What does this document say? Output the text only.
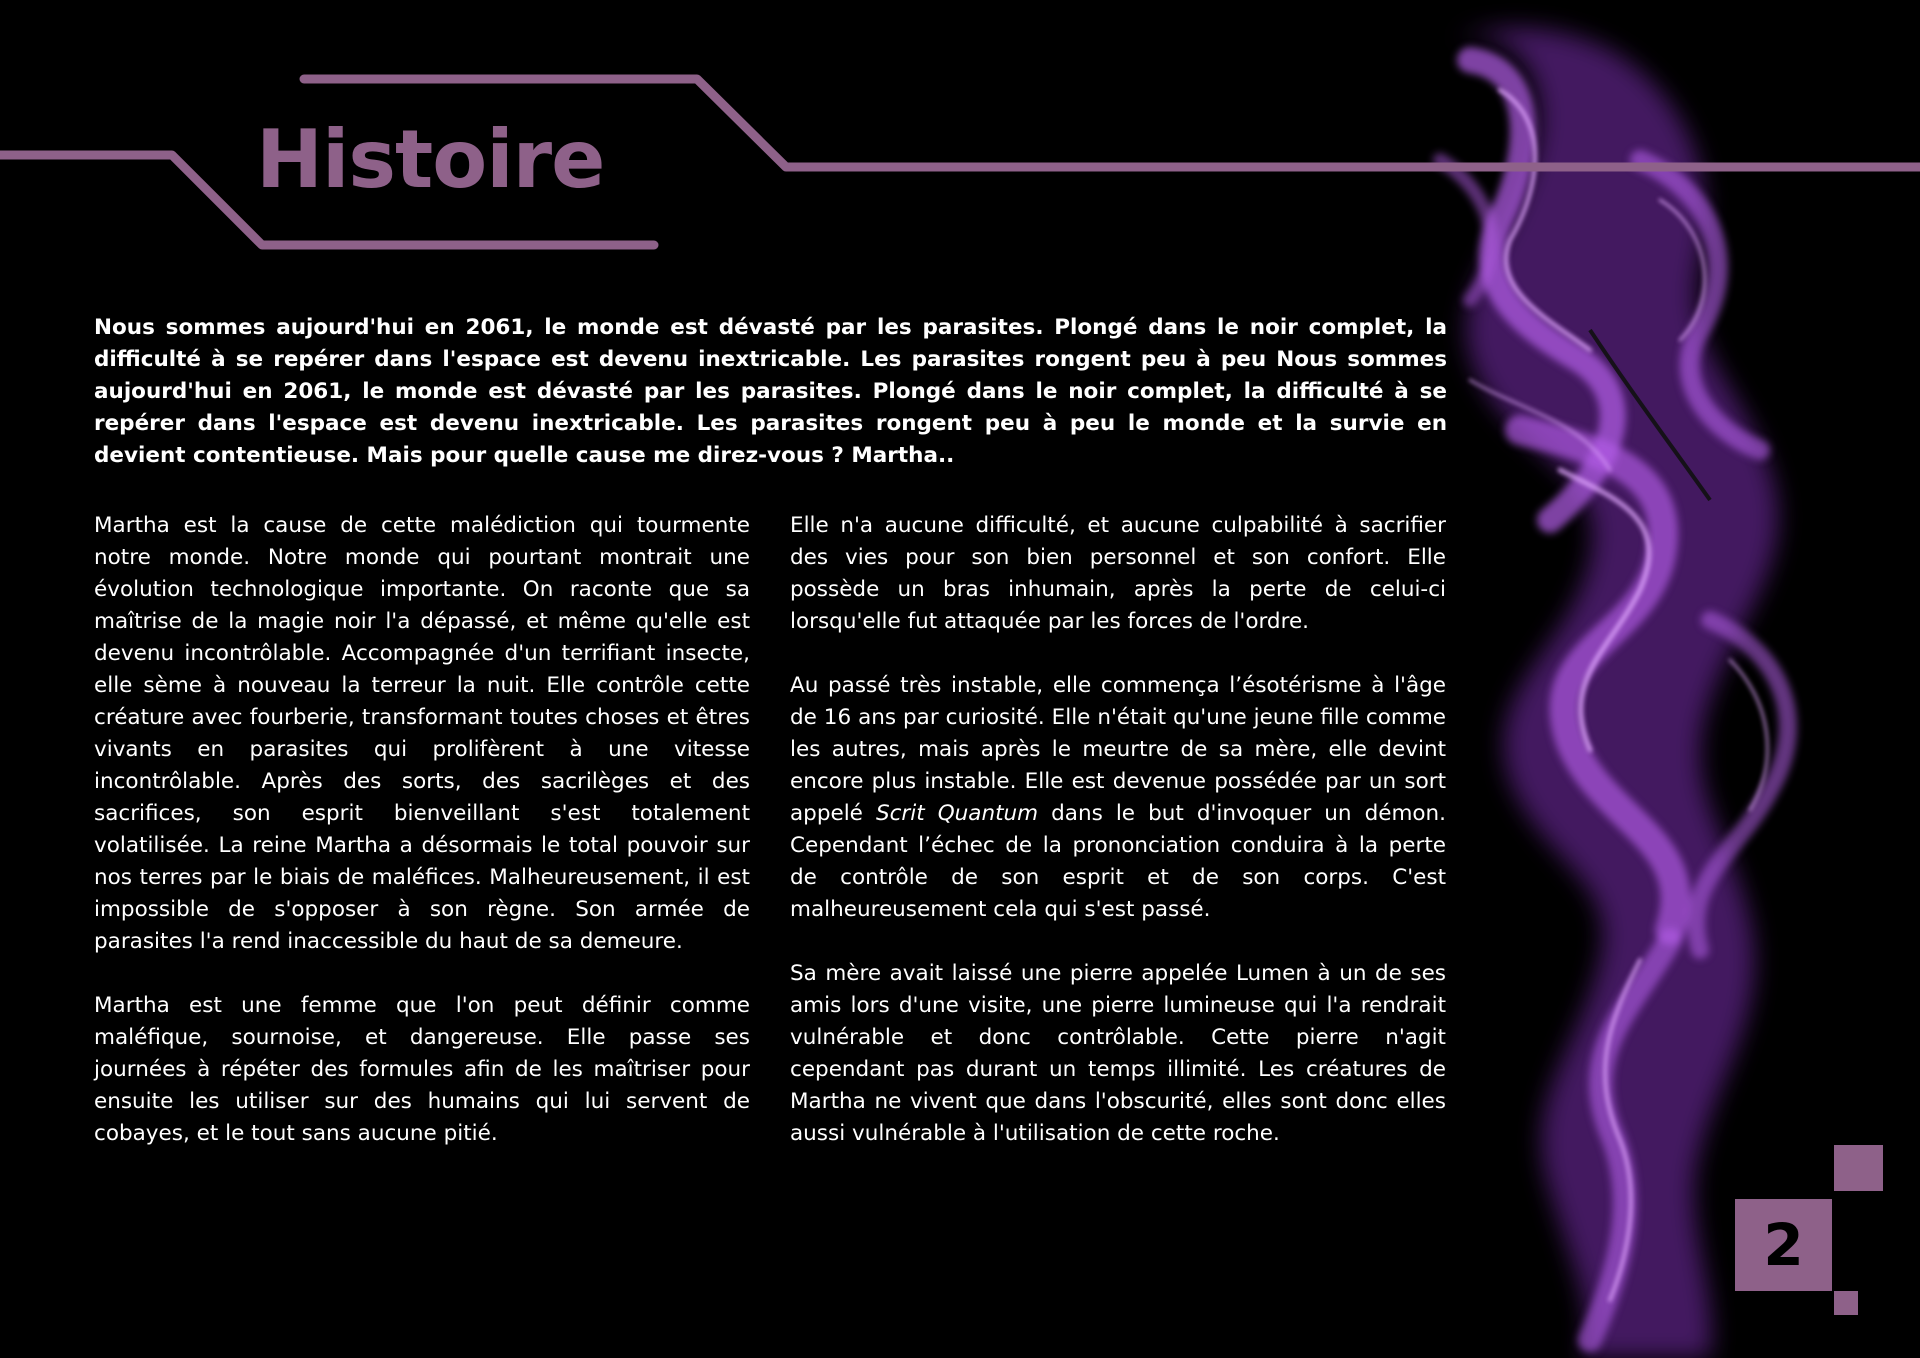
Histoire

Nous sommes aujourd'hui en 2061, le monde est dévasté par les parasites. Plongé dans le noir complet, la difficulté à se repérer dans l'espace est devenu inextricable. Les parasites rongent peu à peu Nous sommes aujourd'hui en 2061, le monde est dévasté par les parasites. Plongé dans le noir complet, la difficulté à se repérer dans l'espace est devenu inextricable. Les parasites rongent peu à peu le monde et la survie en devient contentieuse. Mais pour quelle cause me direz-vous ? Martha..

Martha est la cause de cette malédiction qui tourmente notre monde. Notre monde qui pourtant montrait une évolution technologique importante. On raconte que sa maîtrise de la magie noir l'a dépassé, et même qu'elle est devenu incontrôlable. Accompagnée d'un terrifiant insecte, elle sème à nouveau la terreur la nuit. Elle contrôle cette créature avec fourberie, transformant toutes choses et êtres vivants en parasites qui prolifèrent à une vitesse incontrôlable. Après des sorts, des sacrilèges et des sacrifices, son esprit bienveillant s'est totalement volatilisée. La reine Martha a désormais le total pouvoir sur nos terres par le biais de maléfices. Malheureusement, il est impossible de s'opposer à son règne. Son armée de parasites l'a rend inaccessible du haut de sa demeure.

Martha est une femme que l'on peut définir comme maléfique, sournoise, et dangereuse. Elle passe ses journées à répéter des formules afin de les maîtriser pour ensuite les utiliser sur des humains qui lui servent de cobayes, et le tout sans aucune pitié.

Elle n'a aucune difficulté, et aucune culpabilité à sacrifier des vies pour son bien personnel et son confort. Elle possède un bras inhumain, après la perte de celui-ci lorsqu'elle fut attaquée par les forces de l'ordre.

Au passé très instable, elle commença l’ésotérisme à l'âge de 16 ans par curiosité. Elle n'était qu'une jeune fille comme les autres, mais après le meurtre de sa mère, elle devint encore plus instable. Elle est devenue possédée par un sort appelé Scrit Quantum dans le but d'invoquer un démon. Cependant l’échec de la prononciation conduira à la perte de contrôle de son esprit et de son corps. C'est malheureusement cela qui s'est passé.

Sa mère avait laissé une pierre appelée Lumen à un de ses amis lors d'une visite, une pierre lumineuse qui l'a rendrait vulnérable et donc contrôlable. Cette pierre n'agit cependant pas durant un temps illimité. Les créatures de Martha ne vivent que dans l'obscurité, elles sont donc elles aussi vulnérable à l'utilisation de cette roche.

2
